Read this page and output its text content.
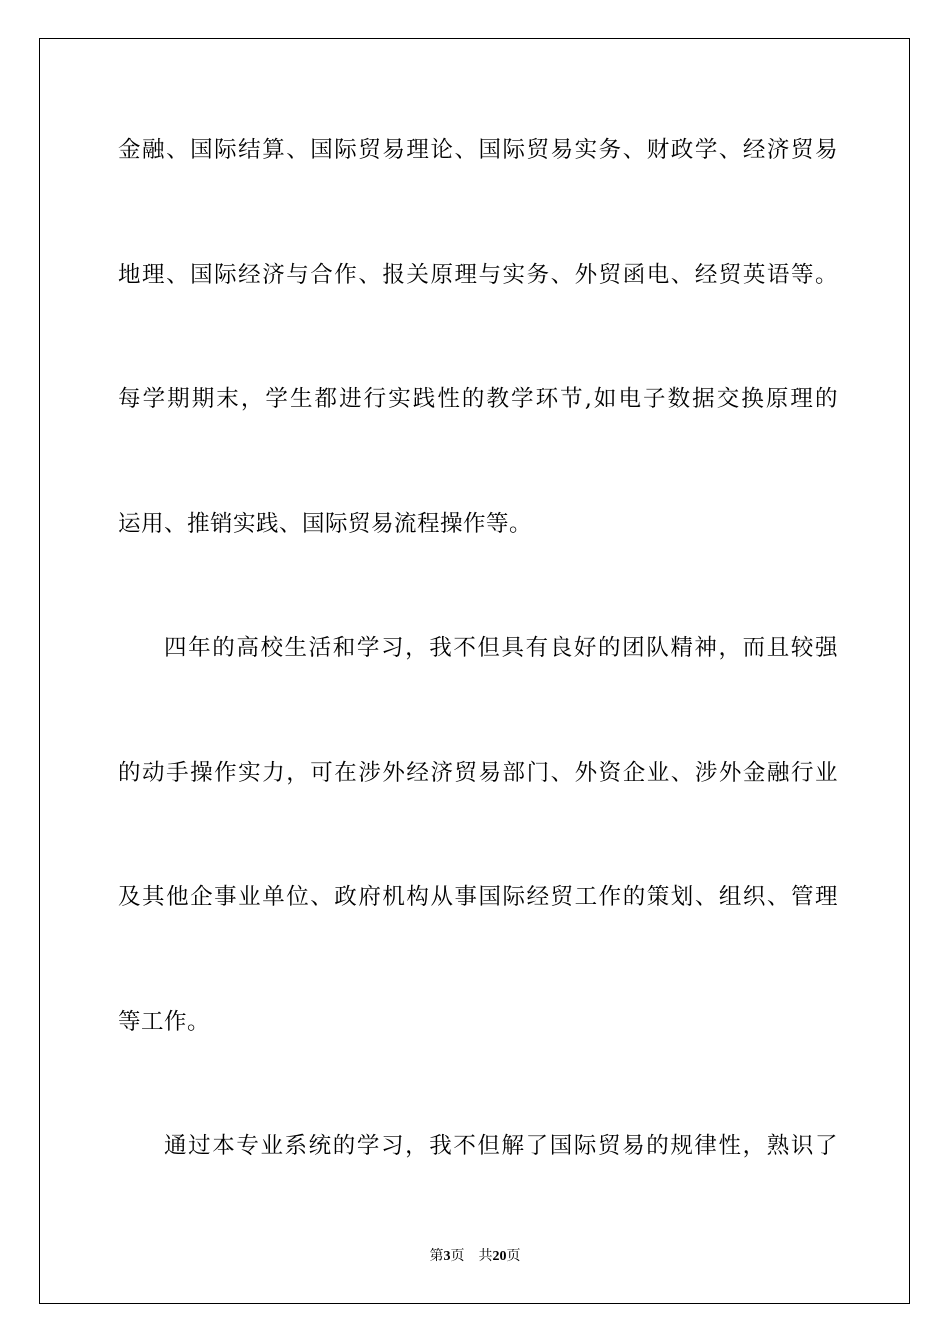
金融、国际结算、国际贸易理论、国际贸易实务、财政学、经济贸易
地理、国际经济与合作、报关原理与实务、外贸函电、经贸英语等。
每学期期末，学生都进行实践性的教学环节,如电子数据交换原理的
运用、推销实践、国际贸易流程操作等。
四年的高校生活和学习，我不但具有良好的团队精神，而且较强
的动手操作实力，可在涉外经济贸易部门、外资企业、涉外金融行业
及其他企事业单位、政府机构从事国际经贸工作的策划、组织、管理
等工作。
通过本专业系统的学习，我不但解了国际贸易的规律性，熟识了
第3页 共20页
